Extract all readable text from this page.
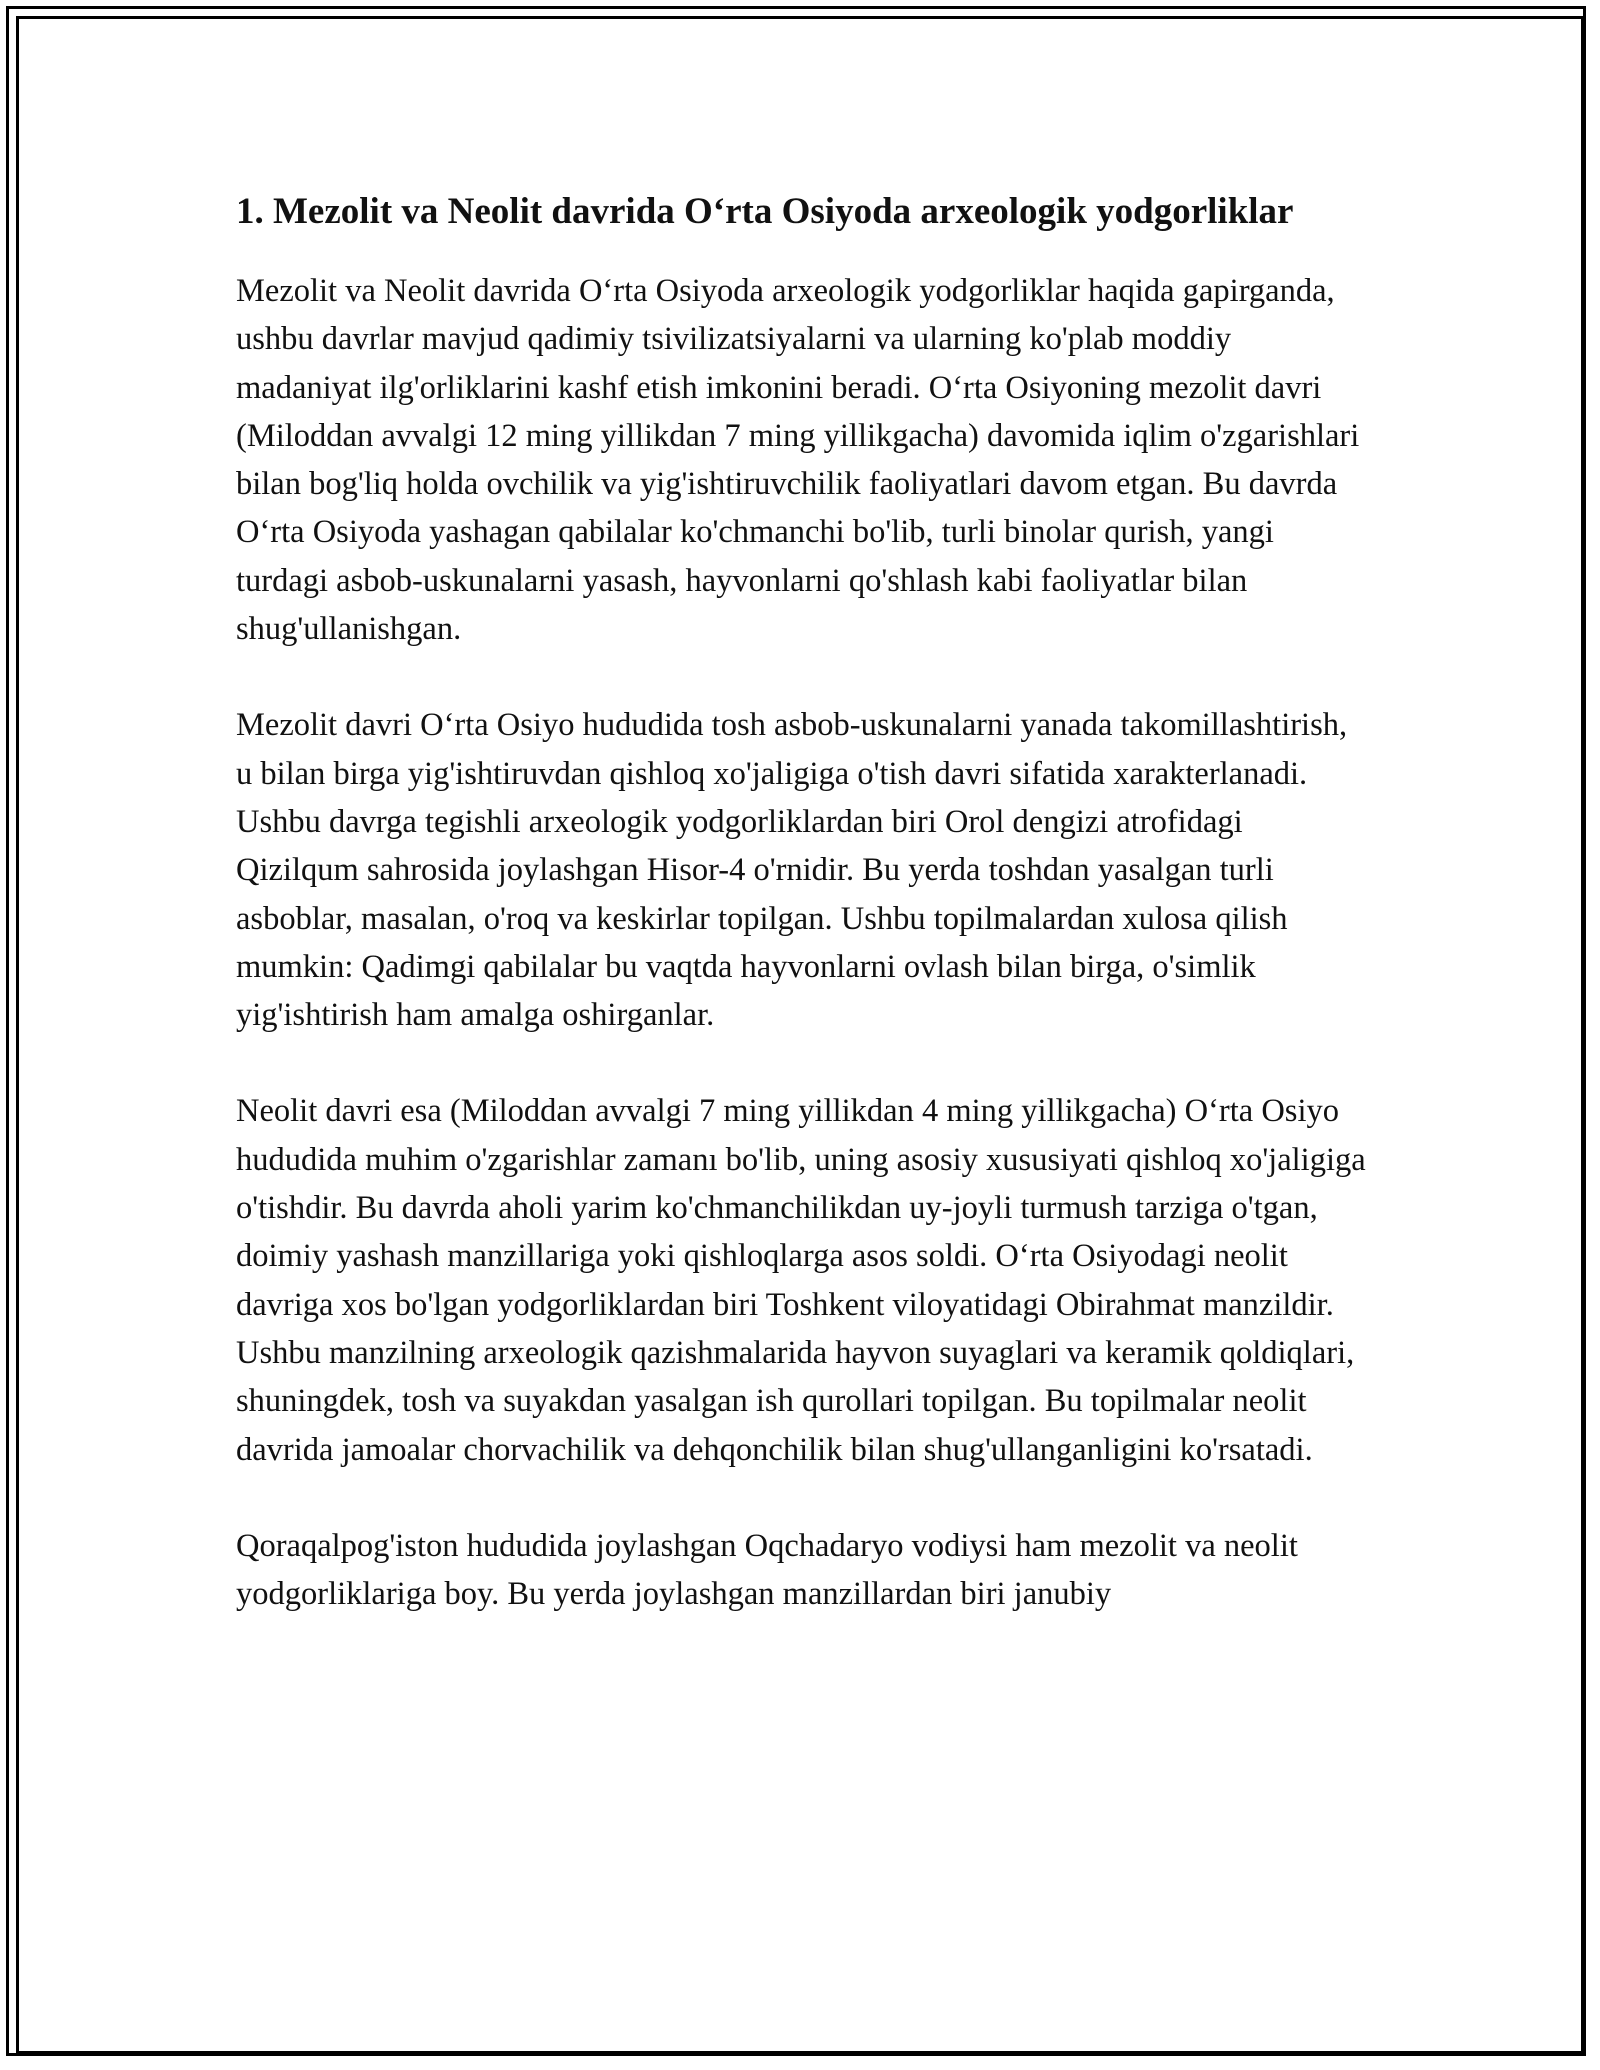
1. Mezolit va Neolit davrida O‘rta Osiyoda arxeologik yodgorliklar

Mezolit va Neolit davrida O‘rta Osiyoda arxeologik yodgorliklar haqida gapirganda, ushbu davrlar mavjud qadimiy tsivilizatsiyalarni va ularning ko'plab moddiy madaniyat ilg'orliklarini kashf etish imkonini beradi. O‘rta Osiyoning mezolit davri (Miloddan avvalgi 12 ming yillikdan 7 ming yillikgacha) davomida iqlim o'zgarishlari bilan bog'liq holda ovchilik va yig'ishtiruvchilik faoliyatlari davom etgan. Bu davrda O‘rta Osiyoda yashagan qabilalar ko'chmanchi bo'lib, turli binolar qurish, yangi turdagi asbob-uskunalarni yasash, hayvonlarni qo'shlash kabi faoliyatlar bilan shug'ullanishgan.

Mezolit davri O‘rta Osiyo hududida tosh asbob-uskunalarni yanada takomillashtirish, u bilan birga yig'ishtiruvdan qishloq xo'jaligiga o'tish davri sifatida xarakterlanadi. Ushbu davrga tegishli arxeologik yodgorliklardan biri Orol dengizi atrofidagi Qizilqum sahrosida joylashgan Hisor-4 o'rnidir. Bu yerda toshdan yasalgan turli asboblar, masalan, o'roq va keskirlar topilgan. Ushbu topilmalardan xulosa qilish mumkin: Qadimgi qabilalar bu vaqtda hayvonlarni ovlash bilan birga, o'simlik yig'ishtirish ham amalga oshirganlar.

Neolit davri esa (Miloddan avvalgi 7 ming yillikdan 4 ming yillikgacha) O‘rta Osiyo hududida muhim o'zgarishlar zamanı bo'lib, uning asosiy xususiyati qishloq xo'jaligiga o'tishdir. Bu davrda aholi yarim ko'chmanchilikdan uy-joyli turmush tarziga o'tgan, doimiy yashash manzillariga yoki qishloqlarga asos soldi. O‘rta Osiyodagi neolit davriga xos bo'lgan yodgorliklardan biri Toshkent viloyatidagi Obirahmat manzildir. Ushbu manzilning arxeologik qazishmalarida hayvon suyaglari va keramik qoldiqlari, shuningdek, tosh va suyakdan yasalgan ish qurollari topilgan. Bu topilmalar neolit davrida jamoalar chorvachilik va dehqonchilik bilan shug'ullanganligini ko'rsatadi.

Qoraqalpog'iston hududida joylashgan Oqchadaryo vodiysi ham mezolit va neolit yodgorliklariga boy. Bu yerda joylashgan manzillardan biri janubiy
